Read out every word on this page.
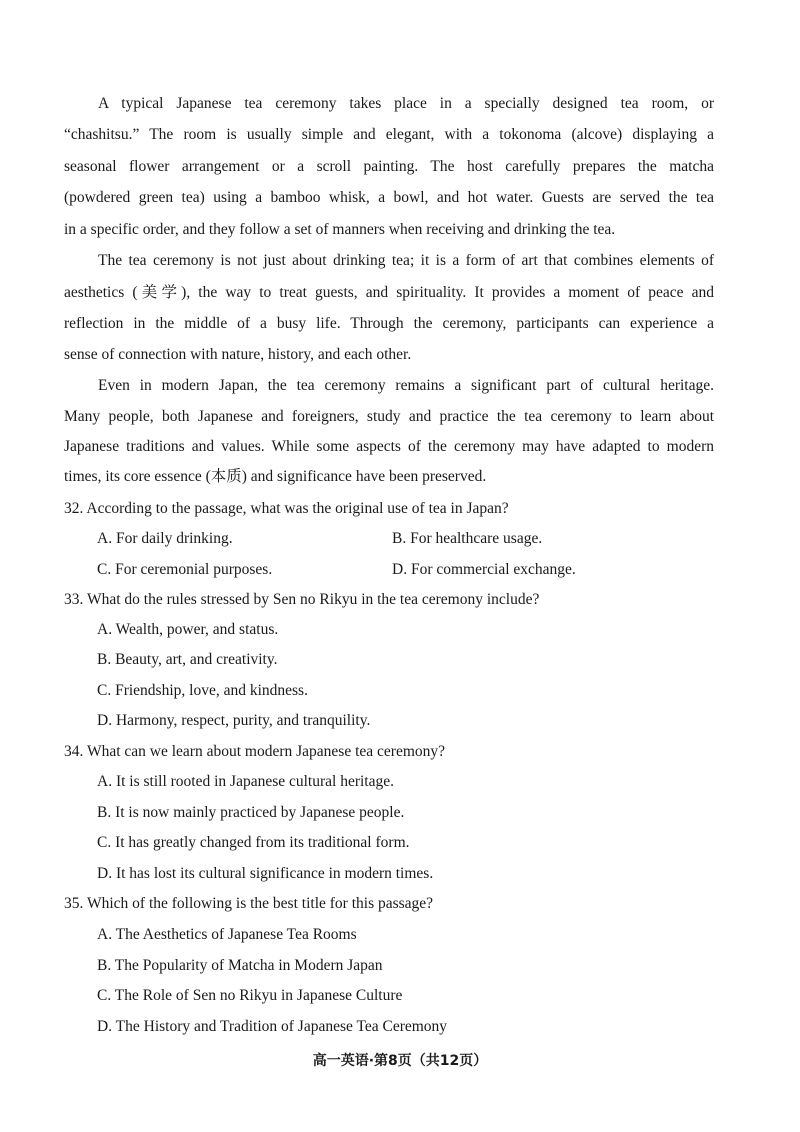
A typical Japanese tea ceremony takes place in a specially designed tea room, or
“chashitsu.” The room is usually simple and elegant, with a tokonoma (alcove) displaying a
seasonal flower arrangement or a scroll painting. The host carefully prepares the matcha
(powdered green tea) using a bamboo whisk, a bowl, and hot water. Guests are served the tea
in a specific order, and they follow a set of manners when receiving and drinking the tea.
The tea ceremony is not just about drinking tea; it is a form of art that combines elements of
aesthetics (美学), the way to treat guests, and spirituality. It provides a moment of peace and
reflection in the middle of a busy life. Through the ceremony, participants can experience a
sense of connection with nature, history, and each other.
Even in modern Japan, the tea ceremony remains a significant part of cultural heritage.
Many people, both Japanese and foreigners, study and practice the tea ceremony to learn about
Japanese traditions and values. While some aspects of the ceremony may have adapted to modern
times, its core essence (本质) and significance have been preserved.
32. According to the passage, what was the original use of tea in Japan?
A. For daily drinking.	B. For healthcare usage.
C. For ceremonial purposes.	D. For commercial exchange.
33. What do the rules stressed by Sen no Rikyu in the tea ceremony include?
A. Wealth, power, and status.
B. Beauty, art, and creativity.
C. Friendship, love, and kindness.
D. Harmony, respect, purity, and tranquility.
34. What can we learn about modern Japanese tea ceremony?
A. It is still rooted in Japanese cultural heritage.
B. It is now mainly practiced by Japanese people.
C. It has greatly changed from its traditional form.
D. It has lost its cultural significance in modern times.
35. Which of the following is the best title for this passage?
A. The Aesthetics of Japanese Tea Rooms
B. The Popularity of Matcha in Modern Japan
C. The Role of Sen no Rikyu in Japanese Culture
D. The History and Tradition of Japanese Tea Ceremony
高一英语·第8页（共12页）
